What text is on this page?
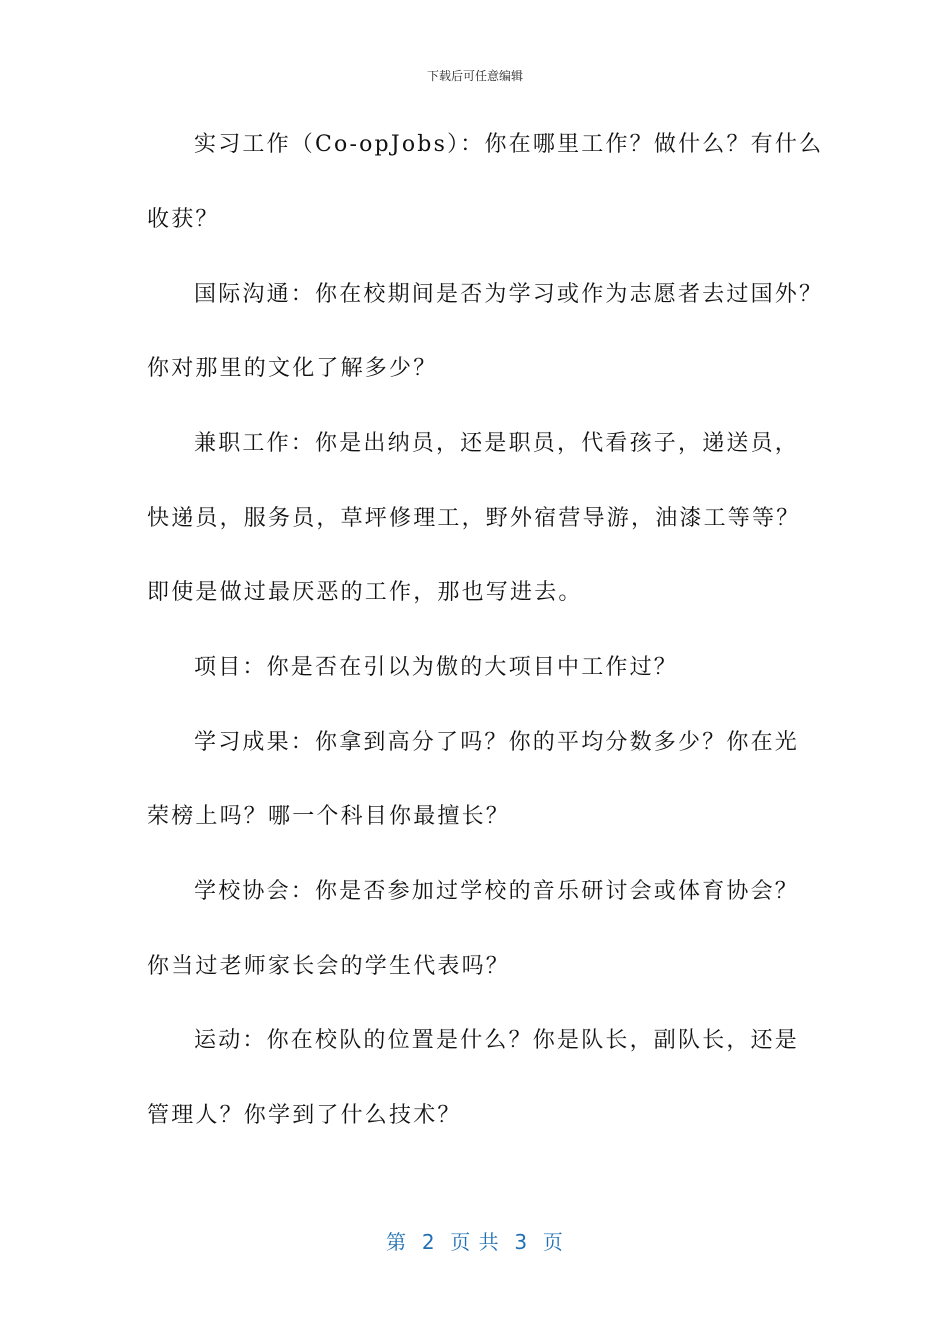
下载后可任意编辑
实习工作（Co-opJobs）：你在哪里工作？做什么？有什么
收获？
国际沟通：你在校期间是否为学习或作为志愿者去过国外？
你对那里的文化了解多少？
兼职工作：你是出纳员，还是职员，代看孩子，递送员，
快递员，服务员，草坪修理工，野外宿营导游，油漆工等等？
即使是做过最厌恶的工作，那也写进去。
项目：你是否在引以为傲的大项目中工作过？
学习成果：你拿到高分了吗？你的平均分数多少？你在光
荣榜上吗？哪一个科目你最擅长？
学校协会：你是否参加过学校的音乐研讨会或体育协会？
你当过老师家长会的学生代表吗？
运动：你在校队的位置是什么？你是队长，副队长，还是
管理人？你学到了什么技术？
第  2  页 共  3  页
